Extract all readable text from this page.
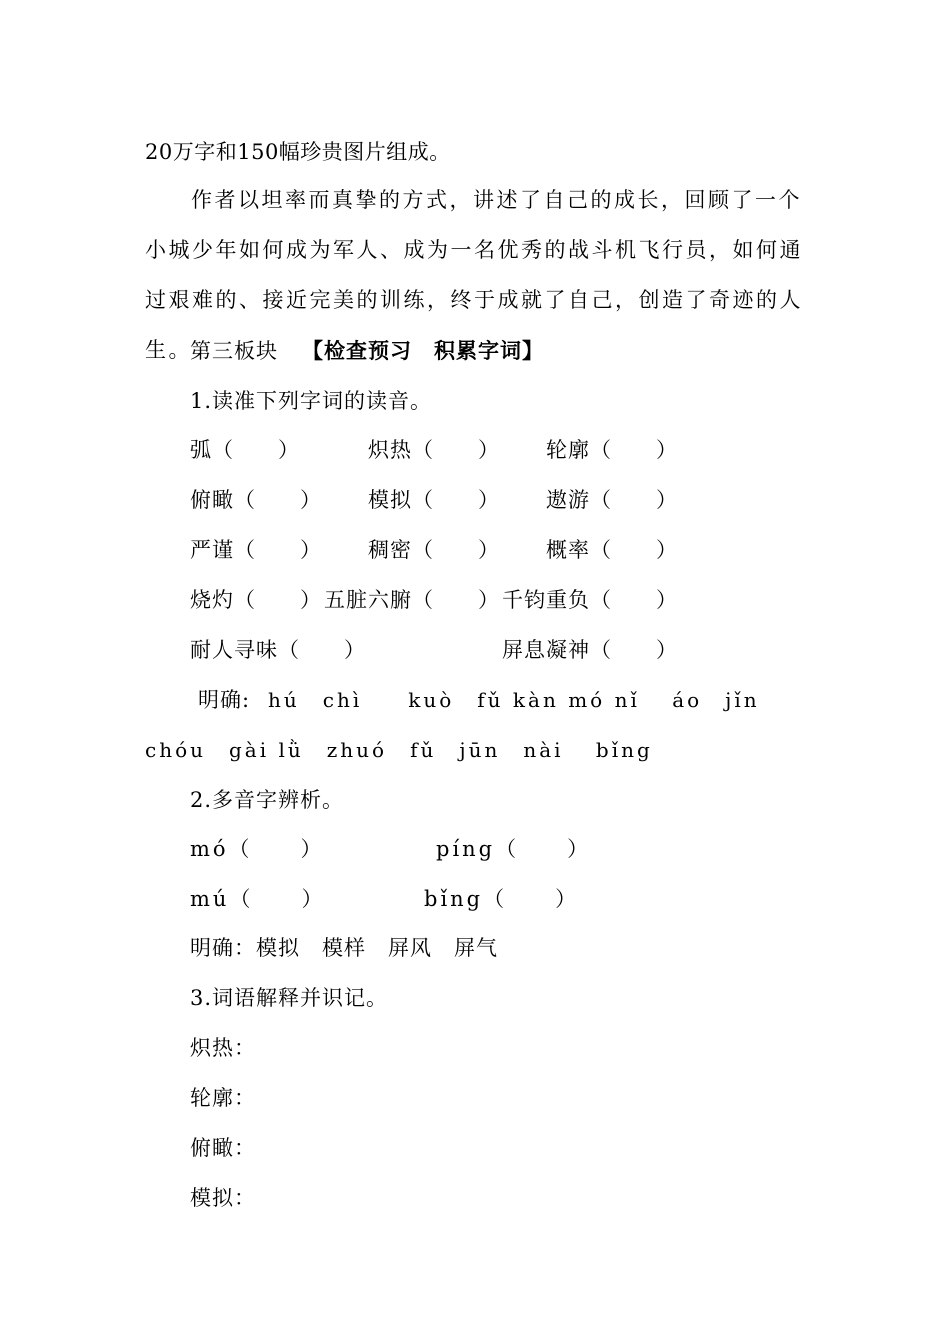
20万字和150幅珍贵图片组成。
作者以坦率而真挚的方式，讲述了自己的成长，回顾了一个小城少年如何成为军人、成为一名优秀的战斗机飞行员，如何通过艰难的、接近完美的训练，终于成就了自己，创造了奇迹的人生。
第三板块 【检查预习　积累字词】
1.读准下列字词的读音。
弧（　　）	炽热（　　） 轮廓（　　）
俯瞰（　　） 模拟（　　） 遨游（　　）
严谨（　　） 稠密（　　） 概率（　　）
烧灼（　　） 五脏六腑（　　） 千钧重负（　　）
耐人寻味（　　）	屏息凝神（　　）
明确: hú　chì　　kuò　fǔ kàn mó nǐ　 áo　jǐn
chóu　gài lǜ　zhuó　fǔ　jūn　nài　 bǐng
2.多音字辨析。
mó（　　）	píng（　　）
mú（　　）	bǐng（　　）
明确：模拟　模样　屏风　屏气
3.词语解释并识记。
炽热：
轮廓：
俯瞰：
模拟：
